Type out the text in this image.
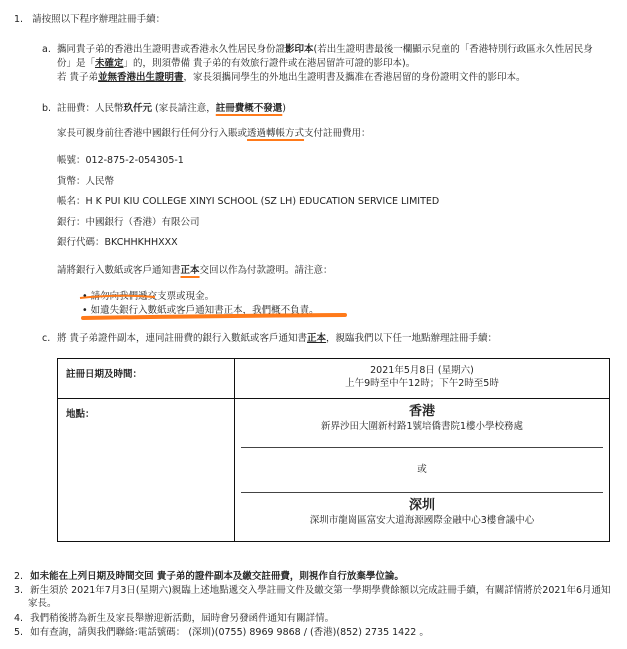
1. 請按照以下程序辦理註冊手續：
a. 攜同貴子弟的香港出生證明書或香港永久性居民身份證影印本(若出生證明書最後一欄顯示兒童的「香港特別行政區永久性居民身
份」是「未確定」的，則須帶備 貴子弟的有效旅行證件或在港居留許可證的影印本)。
若 貴子弟並無香港出生證明書，家長須攜同學生的外地出生證明書及攜准在香港居留的身份證明文件的影印本。
b. 註冊費：人民幣玖仟元 (家長請注意，註冊費概不發還)
家長可親身前往香港中國銀行任何分行入賬或透過轉帳方式支付註冊費用：
帳號：012-875-2-054305-1
貨幣：人民幣
帳名：H K PUI KIU COLLEGE XINYI SCHOOL (SZ LH) EDUCATION SERVICE LIMITED
銀行：中國銀行（香港）有限公司
銀行代碼：BKCHHKHHXXX
請將銀行入數紙或客戶通知書正本交回以作為付款證明。請注意：
• 請勿向我們遞交支票或現金。
• 如遺失銀行入數紙或客戶通知書正本，我們概不負責。
c. 將 貴子弟證件副本，連同註冊費的銀行入數紙或客戶通知書正本，親臨我們以下任一地點辦理註冊手續：
註冊日期及時間：	2021年5月8日 (星期六)
上午9時至中午12時；下午2時至5時

地點：	香港
新界沙田大圍新村路1號培僑書院1樓小學校務處
或
深圳
深圳市龍崗區富安大道海源國際金融中心3樓會議中心
2. 如未能在上列日期及時間交回 貴子弟的證件副本及繳交註冊費，則視作自行放棄學位論。
3. 新生須於 2021年7月3日(星期六)親臨上述地點遞交入學註冊文件及繳交第一學期學費餘額以完成註冊手續，有關詳情將於2021年6月通知
家長。
4. 我們稍後將為新生及家長舉辦迎新活動，屆時會另發函件通知有關詳情。
5. 如有查詢，請與我們聯絡:電話號碼： (深圳)(0755) 8969 9868 / (香港)(852) 2735 1422 。
